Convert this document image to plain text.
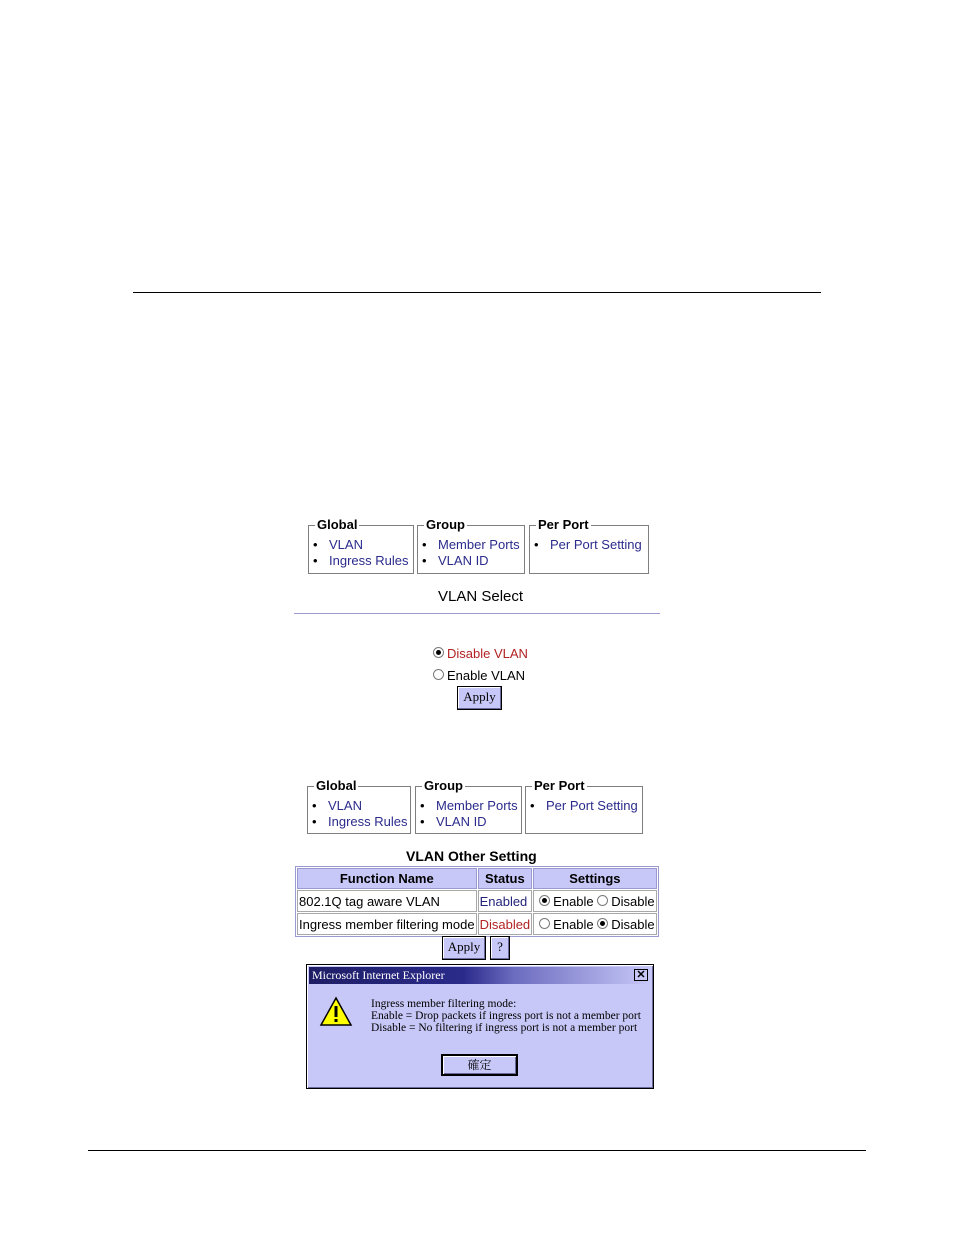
Global
• VLAN
• Ingress Rules
Group
• Member Ports
• VLAN ID
Per Port
• Per Port Setting
VLAN Select
Disable VLAN
Enable VLAN
Apply
Global
• VLAN
• Ingress Rules
Group
• Member Ports
• VLAN ID
Per Port
• Per Port Setting
VLAN Other Setting
Function Name	Status	Settings
802.1Q tag aware VLAN	Enabled	Enable Disable
Ingress member filtering mode	Disabled	Enable Disable
Apply	?
Microsoft Internet Explorer	✕
Ingress member filtering mode:
Enable = Drop packets if ingress port is not a member port
Disable = No filtering if ingress port is not a member port
確定
